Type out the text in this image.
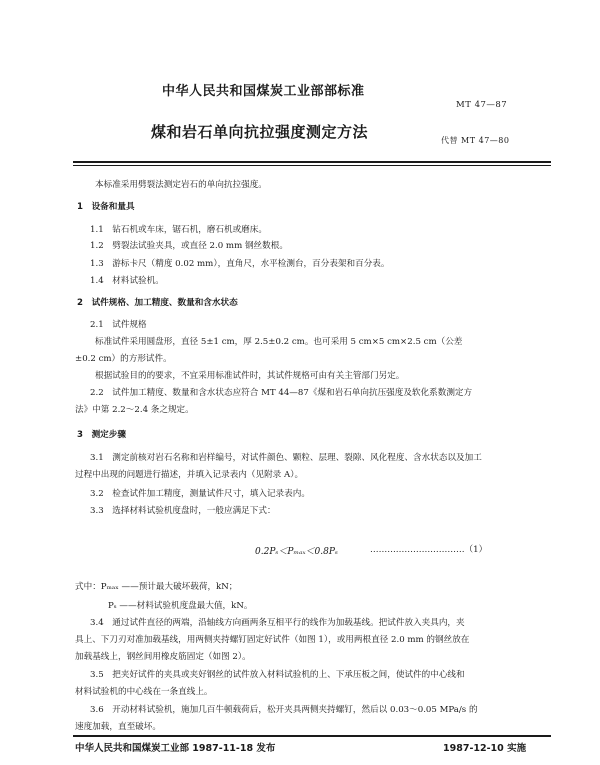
中华人民共和国煤炭工业部部标准
MT 47—87
煤和岩石单向抗拉强度测定方法	代替 MT 47—80
本标准采用劈裂法测定岩石的单向抗拉强度。
1　设备和量具
1.1　钻石机或车床，锯石机，磨石机或磨床。
1.2　劈裂法试验夹具，或直径 2.0 mm 钢丝数根。
1.3　游标卡尺（精度 0.02 mm），直角尺，水平检测台，百分表架和百分表。
1.4　材料试验机。
2　试件规格、加工精度、数量和含水状态
2.1　试件规格
标准试件采用圆盘形，直径 5±1 cm，厚 2.5±0.2 cm。也可采用 5 cm×5 cm×2.5 cm（公差
±0.2 cm）的方形试件。
根据试验目的的要求，不宜采用标准试件时，其试件规格可由有关主管部门另定。
2.2　试件加工精度、数量和含水状态应符合 MT 44—87《煤和岩石单向抗压强度及软化系数测定方
法》中第 2.2～2.4 条之规定。
3　测定步骤
3.1　测定前核对岩石名称和岩样编号，对试件颜色、颗粒、层理、裂隙、风化程度、含水状态以及加工
过程中出现的问题进行描述，并填入记录表内（见附录 A）。
3.2　检查试件加工精度，测量试件尺寸，填入记录表内。
3.3　选择材料试验机度盘时，一般应满足下式：
0.2Pₛ＜Pₘₐₓ＜0.8Pₛ	……………………………（1）
式中：Pₘₐₓ ——预计最大破坏载荷，kN；
Pₛ ——材料试验机度盘最大值，kN。
3.4　通过试件直径的两端，沿轴线方向画两条互相平行的线作为加载基线。把试件放入夹具内，夹
具上、下刀刃对准加载基线，用两侧夹持螺钉固定好试件（如图 1），或用两根直径 2.0 mm 的钢丝放在
加载基线上，钢丝间用橡皮筋固定（如图 2）。
3.5　把夹好试件的夹具或夹好钢丝的试件放入材料试验机的上、下承压板之间，使试件的中心线和
材料试验机的中心线在一条直线上。
3.6　开动材料试验机，施加几百牛顿载荷后，松开夹具两侧夹持螺钉，然后以 0.03～0.05 MPa/s 的
速度加载，直至破坏。
中华人民共和国煤炭工业部 1987-11-18 发布	1987-12-10 实施
